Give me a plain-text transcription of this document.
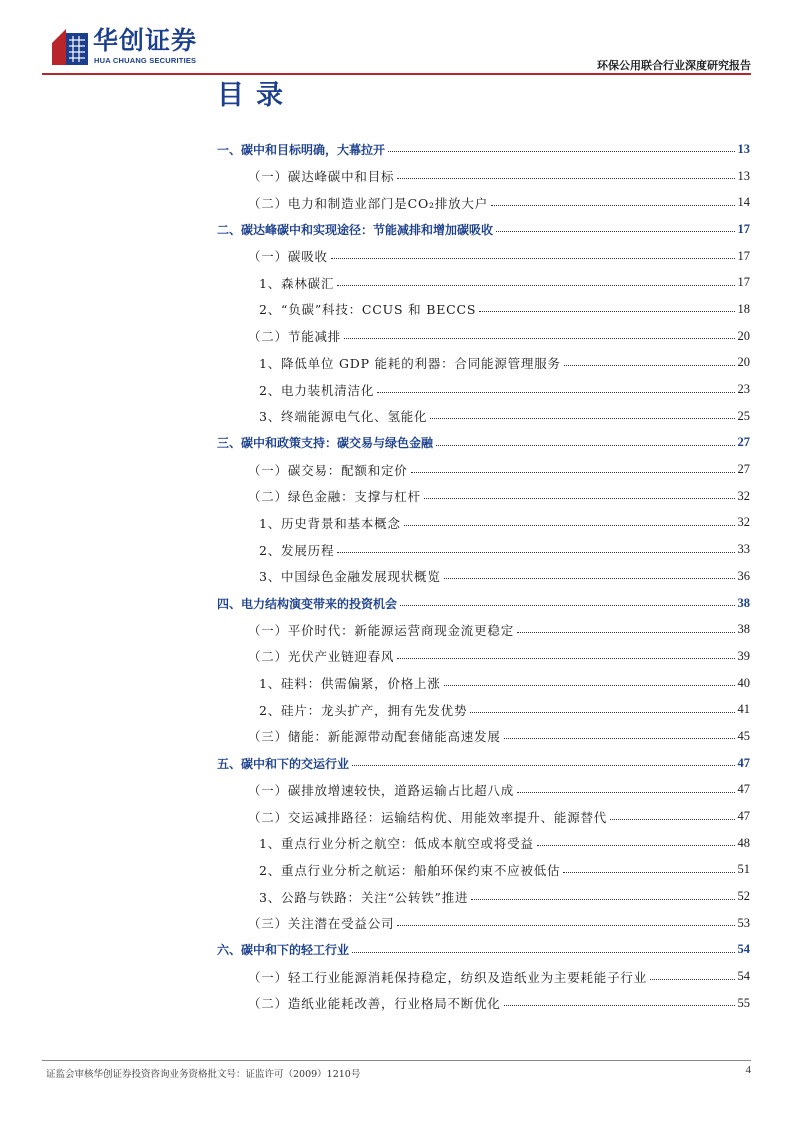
华创证券
HUA CHUANG SECURITIES	环保公用联合行业深度研究报告
目录
一、碳中和目标明确，大幕拉开	13
（一）碳达峰碳中和目标	13
（二）电力和制造业部门是CO₂排放大户	14
二、碳达峰碳中和实现途径：节能减排和增加碳吸收	17
（一）碳吸收	17
1、森林碳汇	17
2、“负碳”科技：CCUS 和 BECCS	18
（二）节能减排	20
1、降低单位 GDP 能耗的利器：合同能源管理服务	20
2、电力装机清洁化	23
3、终端能源电气化、氢能化	25
三、碳中和政策支持：碳交易与绿色金融	27
（一）碳交易：配额和定价	27
（二）绿色金融：支撑与杠杆	32
1、历史背景和基本概念	32
2、发展历程	33
3、中国绿色金融发展现状概览	36
四、电力结构演变带来的投资机会	38
（一）平价时代：新能源运营商现金流更稳定	38
（二）光伏产业链迎春风	39
1、硅料：供需偏紧，价格上涨	40
2、硅片：龙头扩产，拥有先发优势	41
（三）储能：新能源带动配套储能高速发展	45
五、碳中和下的交运行业	47
（一）碳排放增速较快，道路运输占比超八成	47
（二）交运减排路径：运输结构优、用能效率提升、能源替代	47
1、重点行业分析之航空：低成本航空或将受益	48
2、重点行业分析之航运：船舶环保约束不应被低估	51
3、公路与铁路：关注“公转铁”推进	52
（三）关注潜在受益公司	53
六、碳中和下的轻工行业	54
（一）轻工行业能源消耗保持稳定，纺织及造纸业为主要耗能子行业	54
（二）造纸业能耗改善，行业格局不断优化	55
证监会审核华创证券投资咨询业务资格批文号：证监许可（2009）1210号	4
